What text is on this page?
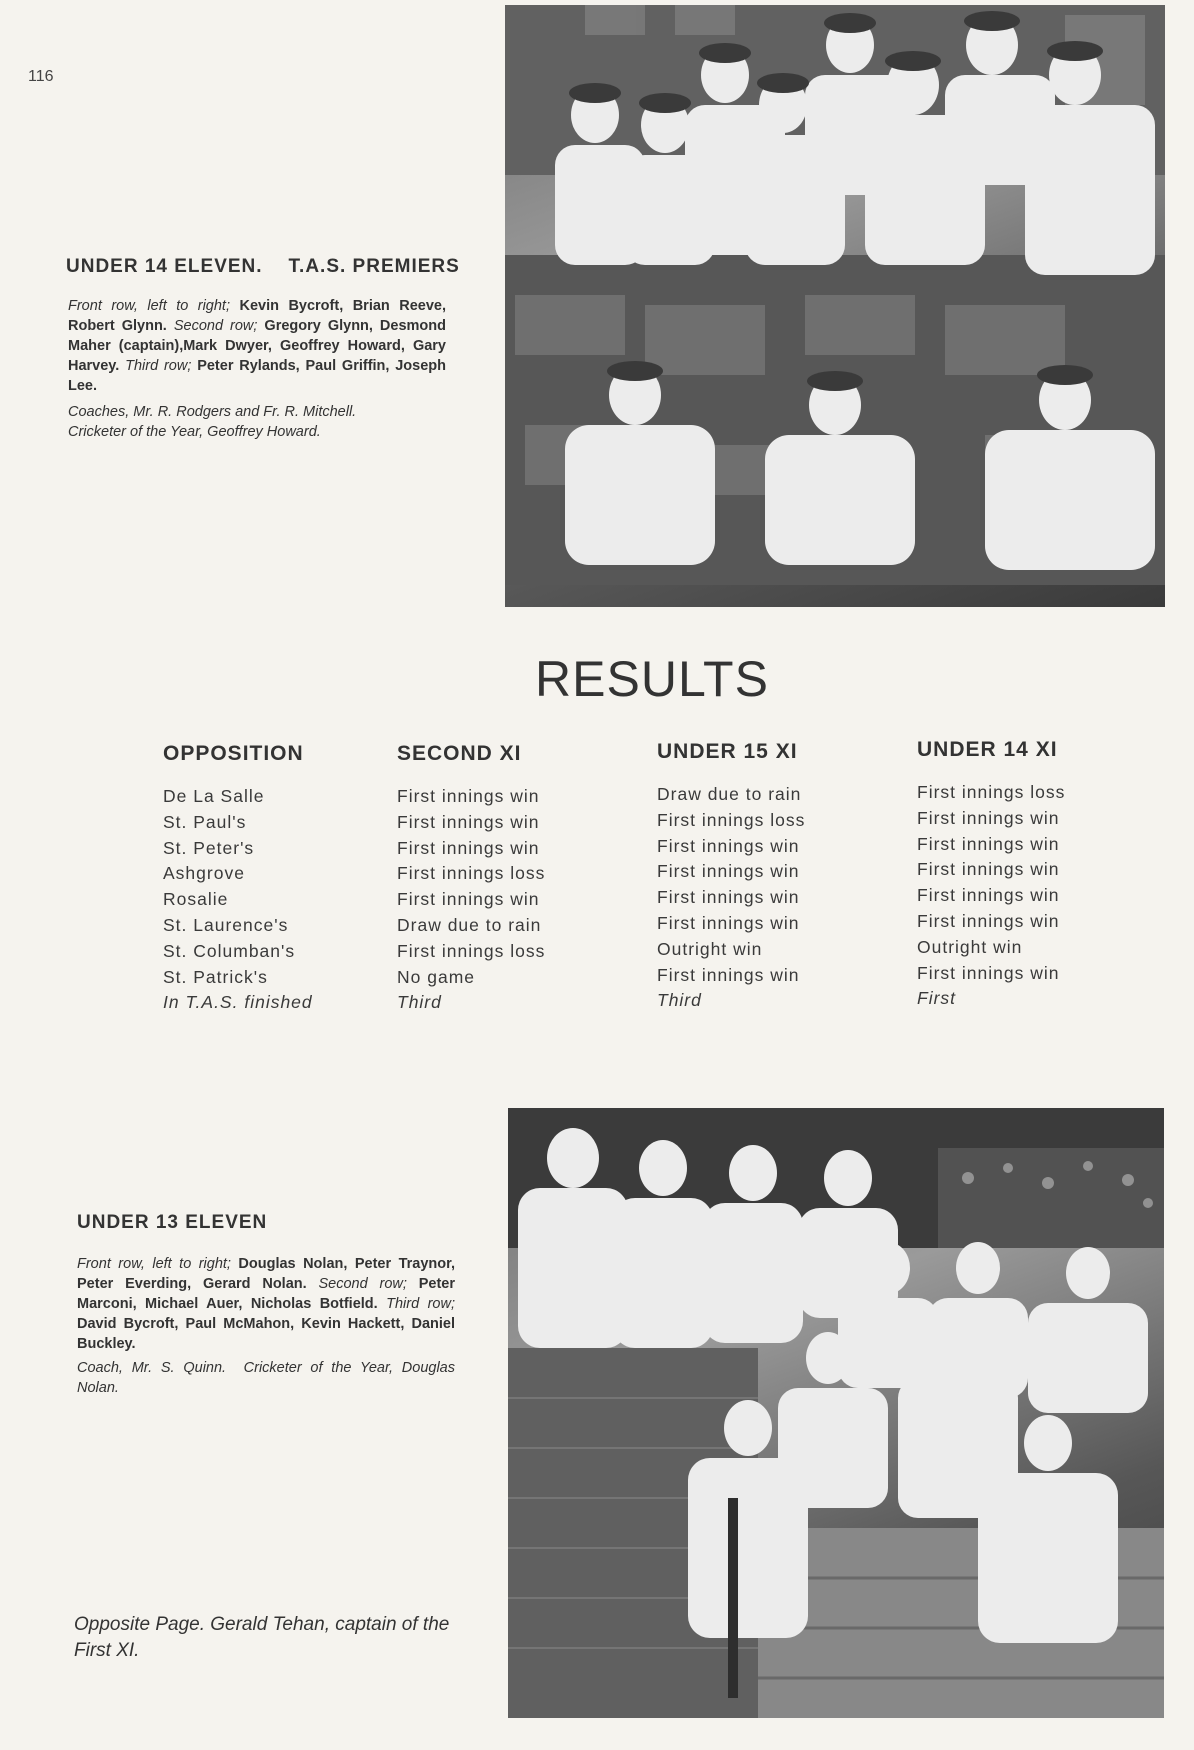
116
UNDER 14 ELEVEN. T.A.S. PREMIERS
Front row, left to right; Kevin Bycroft, Brian Reeve, Robert Glynn. Second row; Gregory Glynn, Desmond Maher (captain),Mark Dwyer, Geoffrey Howard, Gary Harvey. Third row; Peter Rylands, Paul Griffin, Joseph Lee.
Coaches, Mr. R. Rodgers and Fr. R. Mitchell.
Cricketer of the Year, Geoffrey Howard.
RESULTS
OPPOSITION
De La Salle
St. Paul's
St. Peter's
Ashgrove
Rosalie
St. Laurence's
St. Columban's
St. Patrick's
In T.A.S. finished
SECOND XI
First innings win
First innings win
First innings win
First innings loss
First innings win
Draw due to rain
First innings loss
No game
Third
UNDER 15 XI
Draw due to rain
First innings loss
First innings win
First innings win
First innings win
First innings win
Outright win
First innings win
Third
UNDER 14 XI
First innings loss
First innings win
First innings win
First innings win
First innings win
First innings win
Outright win
First innings win
First
UNDER 13 ELEVEN
Front row, left to right; Douglas Nolan, Peter Traynor, Peter Everding, Gerard Nolan. Second row; Peter Marconi, Michael Auer, Nicholas Botfield. Third row; David Bycroft, Paul McMahon, Kevin Hackett, Daniel Buckley.
Coach, Mr. S. Quinn. Cricketer of the Year, Douglas Nolan.
Opposite Page. Gerald Tehan, captain of the First XI.
